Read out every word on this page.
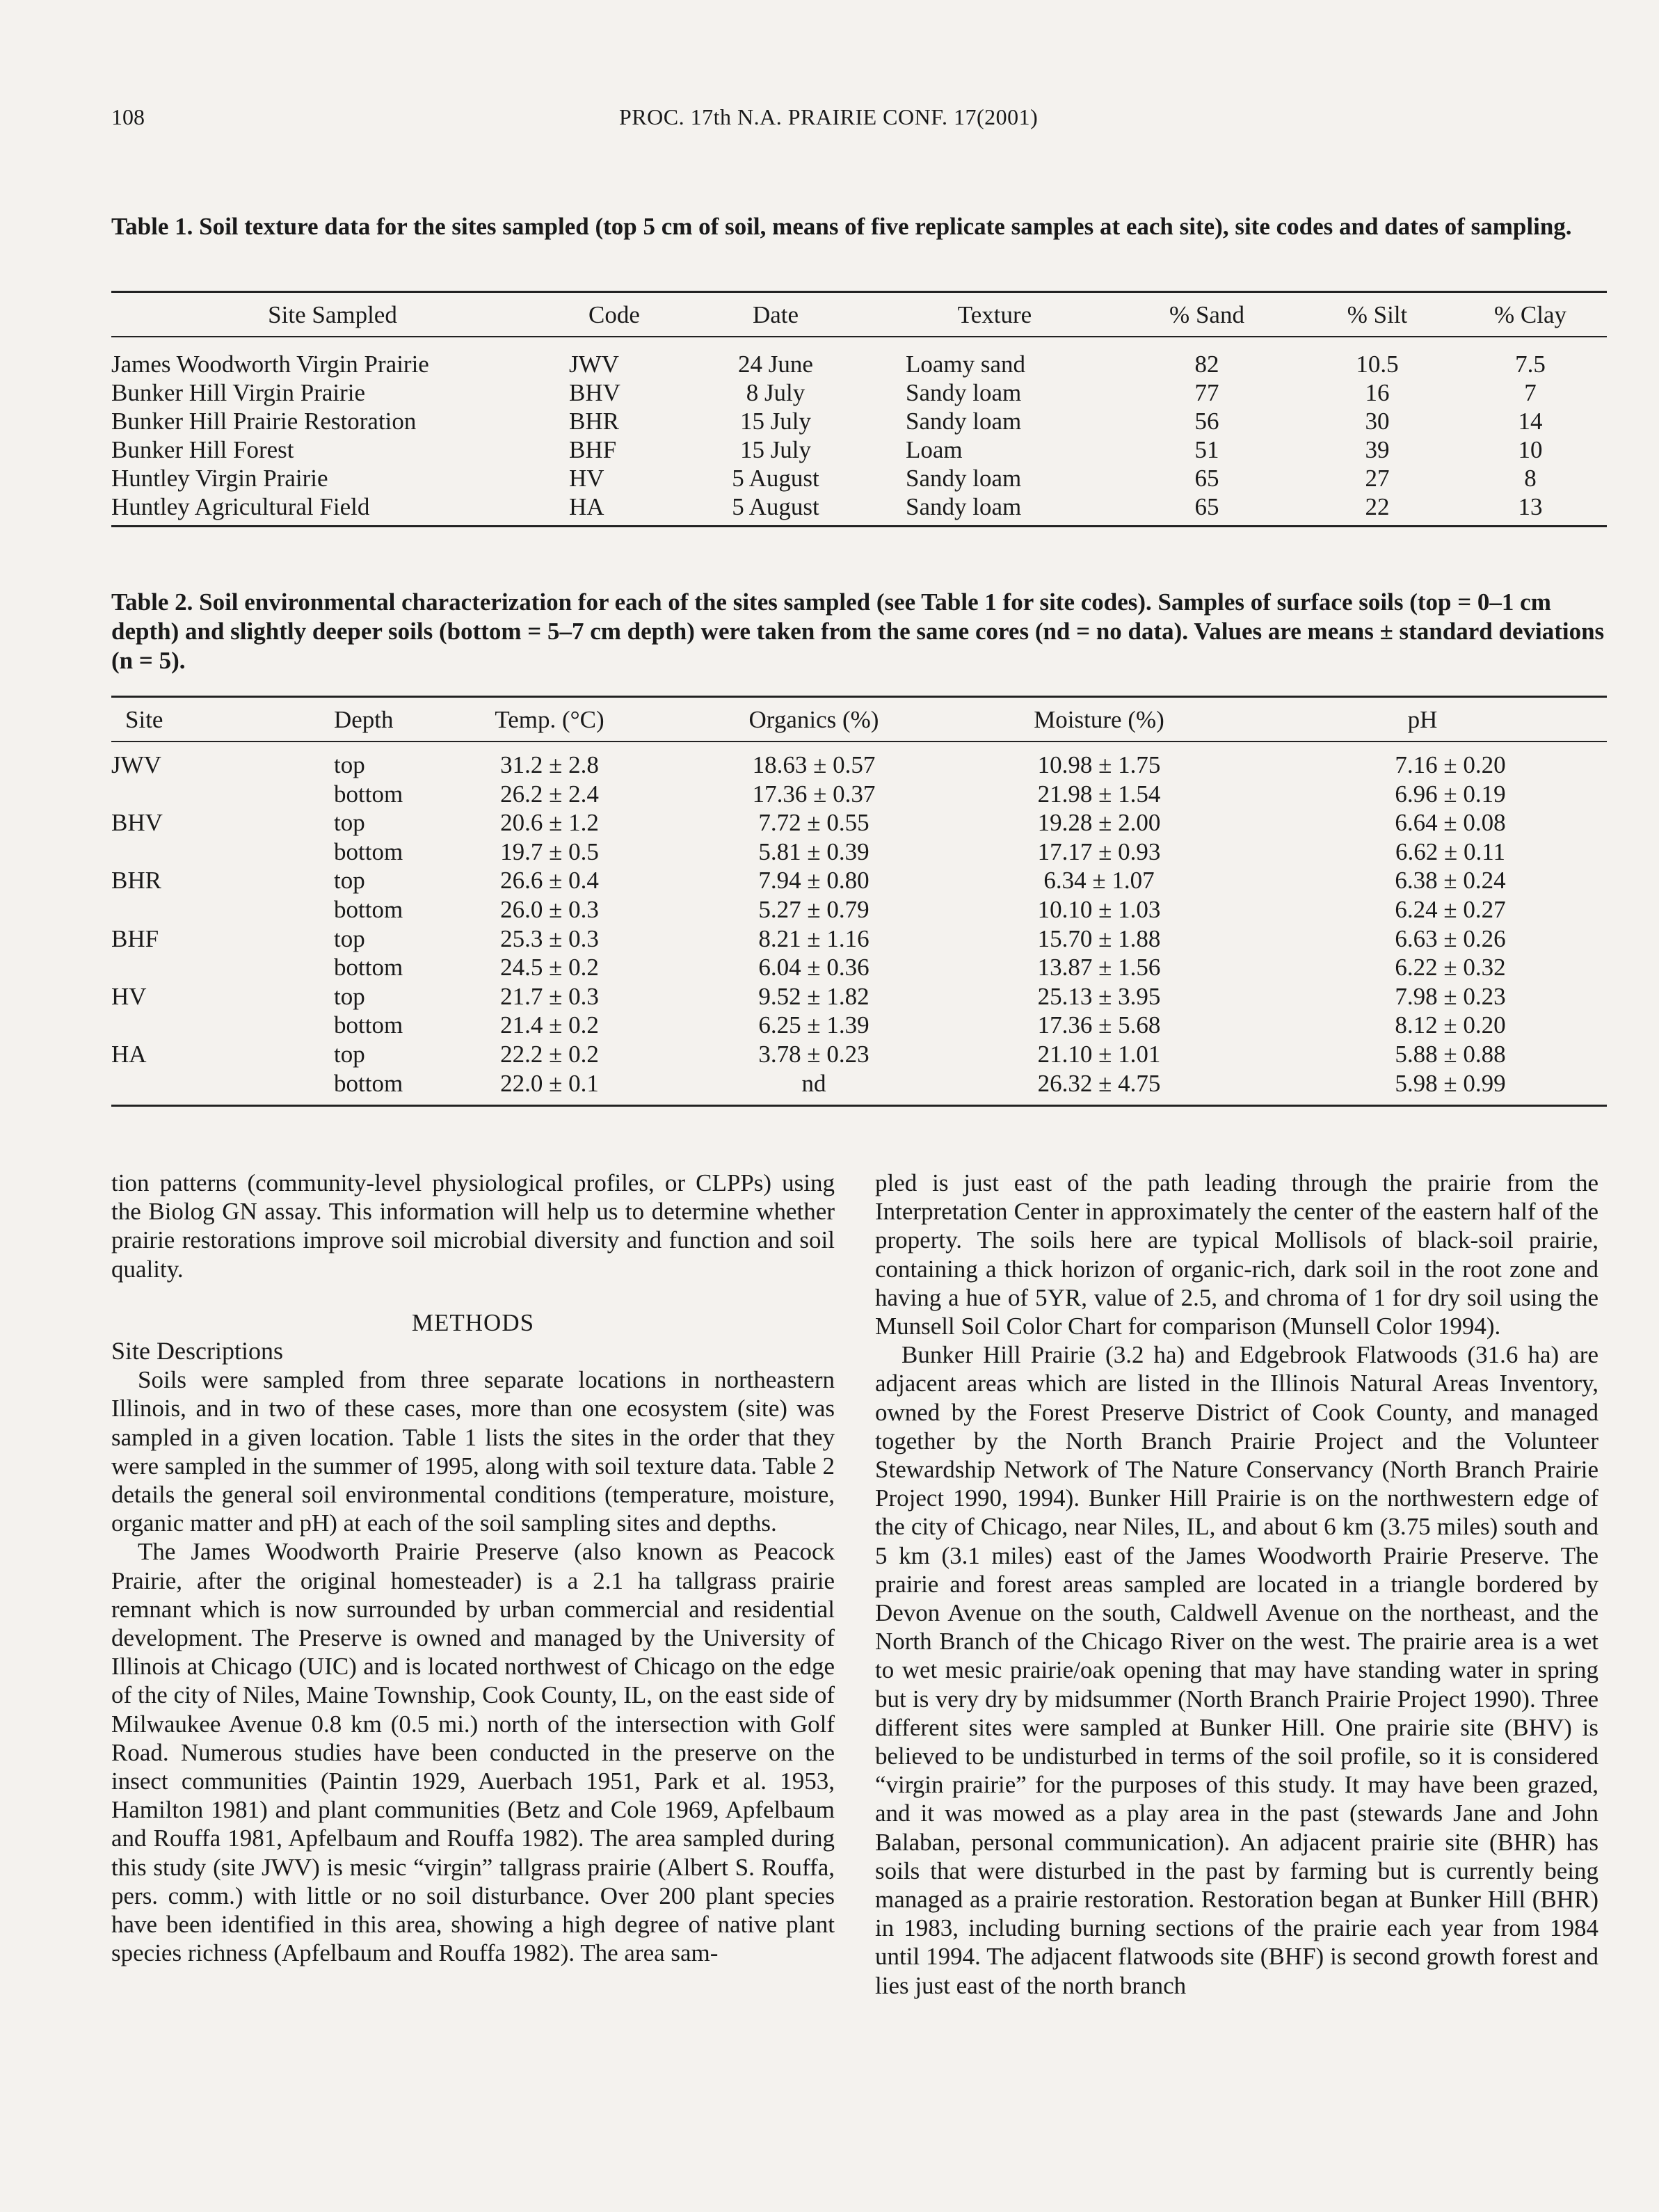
108	PROC. 17th N.A. PRAIRIE CONF. 17(2001)
Table 1. Soil texture data for the sites sampled (top 5 cm of soil, means of five replicate samples at each site), site codes and dates of sampling.
Site Sampled	Code	Date	Texture	% Sand	% Silt	% Clay
James Woodworth Virgin Prairie	JWV	24 June	Loamy sand	82	10.5	7.5
Bunker Hill Virgin Prairie	BHV	8 July	Sandy loam	77	16	7
Bunker Hill Prairie Restoration	BHR	15 July	Sandy loam	56	30	14
Bunker Hill Forest	BHF	15 July	Loam	51	39	10
Huntley Virgin Prairie	HV	5 August	Sandy loam	65	27	8
Huntley Agricultural Field	HA	5 August	Sandy loam	65	22	13
Table 2. Soil environmental characterization for each of the sites sampled (see Table 1 for site codes). Samples of surface soils (top = 0–1 cm depth) and slightly deeper soils (bottom = 5–7 cm depth) were taken from the same cores (nd = no data). Values are means ± standard deviations (n = 5).
Site	Depth	Temp. (°C)	Organics (%)	Moisture (%)	pH
JWV	top	31.2 ± 2.8	18.63 ± 0.57	10.98 ± 1.75	7.16 ± 0.20
	bottom	26.2 ± 2.4	17.36 ± 0.37	21.98 ± 1.54	6.96 ± 0.19
BHV	top	20.6 ± 1.2	7.72 ± 0.55	19.28 ± 2.00	6.64 ± 0.08
	bottom	19.7 ± 0.5	5.81 ± 0.39	17.17 ± 0.93	6.62 ± 0.11
BHR	top	26.6 ± 0.4	7.94 ± 0.80	6.34 ± 1.07	6.38 ± 0.24
	bottom	26.0 ± 0.3	5.27 ± 0.79	10.10 ± 1.03	6.24 ± 0.27
BHF	top	25.3 ± 0.3	8.21 ± 1.16	15.70 ± 1.88	6.63 ± 0.26
	bottom	24.5 ± 0.2	6.04 ± 0.36	13.87 ± 1.56	6.22 ± 0.32
HV	top	21.7 ± 0.3	9.52 ± 1.82	25.13 ± 3.95	7.98 ± 0.23
	bottom	21.4 ± 0.2	6.25 ± 1.39	17.36 ± 5.68	8.12 ± 0.20
HA	top	22.2 ± 0.2	3.78 ± 0.23	21.10 ± 1.01	5.88 ± 0.88
	bottom	22.0 ± 0.1	nd	26.32 ± 4.75	5.98 ± 0.99

tion patterns (community-level physiological profiles, or CLPPs) using the Biolog GN assay. This information will help us to determine whether prairie restorations improve soil microbial diversity and function and soil quality.

METHODS
Site Descriptions

Soils were sampled from three separate locations in northeastern Illinois, and in two of these cases, more than one ecosystem (site) was sampled in a given location. Table 1 lists the sites in the order that they were sampled in the summer of 1995, along with soil texture data. Table 2 details the general soil environmental conditions (temperature, moisture, organic matter and pH) at each of the soil sampling sites and depths.

The James Woodworth Prairie Preserve (also known as Peacock Prairie, after the original homesteader) is a 2.1 ha tallgrass prairie remnant which is now surrounded by urban commercial and residential development. The Preserve is owned and managed by the University of Illinois at Chicago (UIC) and is located northwest of Chicago on the edge of the city of Niles, Maine Township, Cook County, IL, on the east side of Milwaukee Avenue 0.8 km (0.5 mi.) north of the intersection with Golf Road. Numerous studies have been conducted in the preserve on the insect communities (Paintin 1929, Auerbach 1951, Park et al. 1953, Hamilton 1981) and plant communities (Betz and Cole 1969, Apfelbaum and Rouffa 1981, Apfelbaum and Rouffa 1982). The area sampled during this study (site JWV) is mesic “virgin” tallgrass prairie (Albert S. Rouffa, pers. comm.) with little or no soil disturbance. Over 200 plant species have been identified in this area, showing a high degree of native plant species richness (Apfelbaum and Rouffa 1982). The area sam-

pled is just east of the path leading through the prairie from the Interpretation Center in approximately the center of the eastern half of the property. The soils here are typical Mollisols of black-soil prairie, containing a thick horizon of organic-rich, dark soil in the root zone and having a hue of 5YR, value of 2.5, and chroma of 1 for dry soil using the Munsell Soil Color Chart for comparison (Munsell Color 1994).

Bunker Hill Prairie (3.2 ha) and Edgebrook Flatwoods (31.6 ha) are adjacent areas which are listed in the Illinois Natural Areas Inventory, owned by the Forest Preserve District of Cook County, and managed together by the North Branch Prairie Project and the Volunteer Stewardship Network of The Nature Conservancy (North Branch Prairie Project 1990, 1994). Bunker Hill Prairie is on the northwestern edge of the city of Chicago, near Niles, IL, and about 6 km (3.75 miles) south and 5 km (3.1 miles) east of the James Woodworth Prairie Preserve. The prairie and forest areas sampled are located in a triangle bordered by Devon Avenue on the south, Caldwell Avenue on the northeast, and the North Branch of the Chicago River on the west. The prairie area is a wet to wet mesic prairie/oak opening that may have standing water in spring but is very dry by midsummer (North Branch Prairie Project 1990). Three different sites were sampled at Bunker Hill. One prairie site (BHV) is believed to be undisturbed in terms of the soil profile, so it is considered “virgin prairie” for the purposes of this study. It may have been grazed, and it was mowed as a play area in the past (stewards Jane and John Balaban, personal communication). An adjacent prairie site (BHR) has soils that were disturbed in the past by farming but is currently being managed as a prairie restoration. Restoration began at Bunker Hill (BHR) in 1983, including burning sections of the prairie each year from 1984 until 1994. The adjacent flatwoods site (BHF) is second growth forest and lies just east of the north branch
